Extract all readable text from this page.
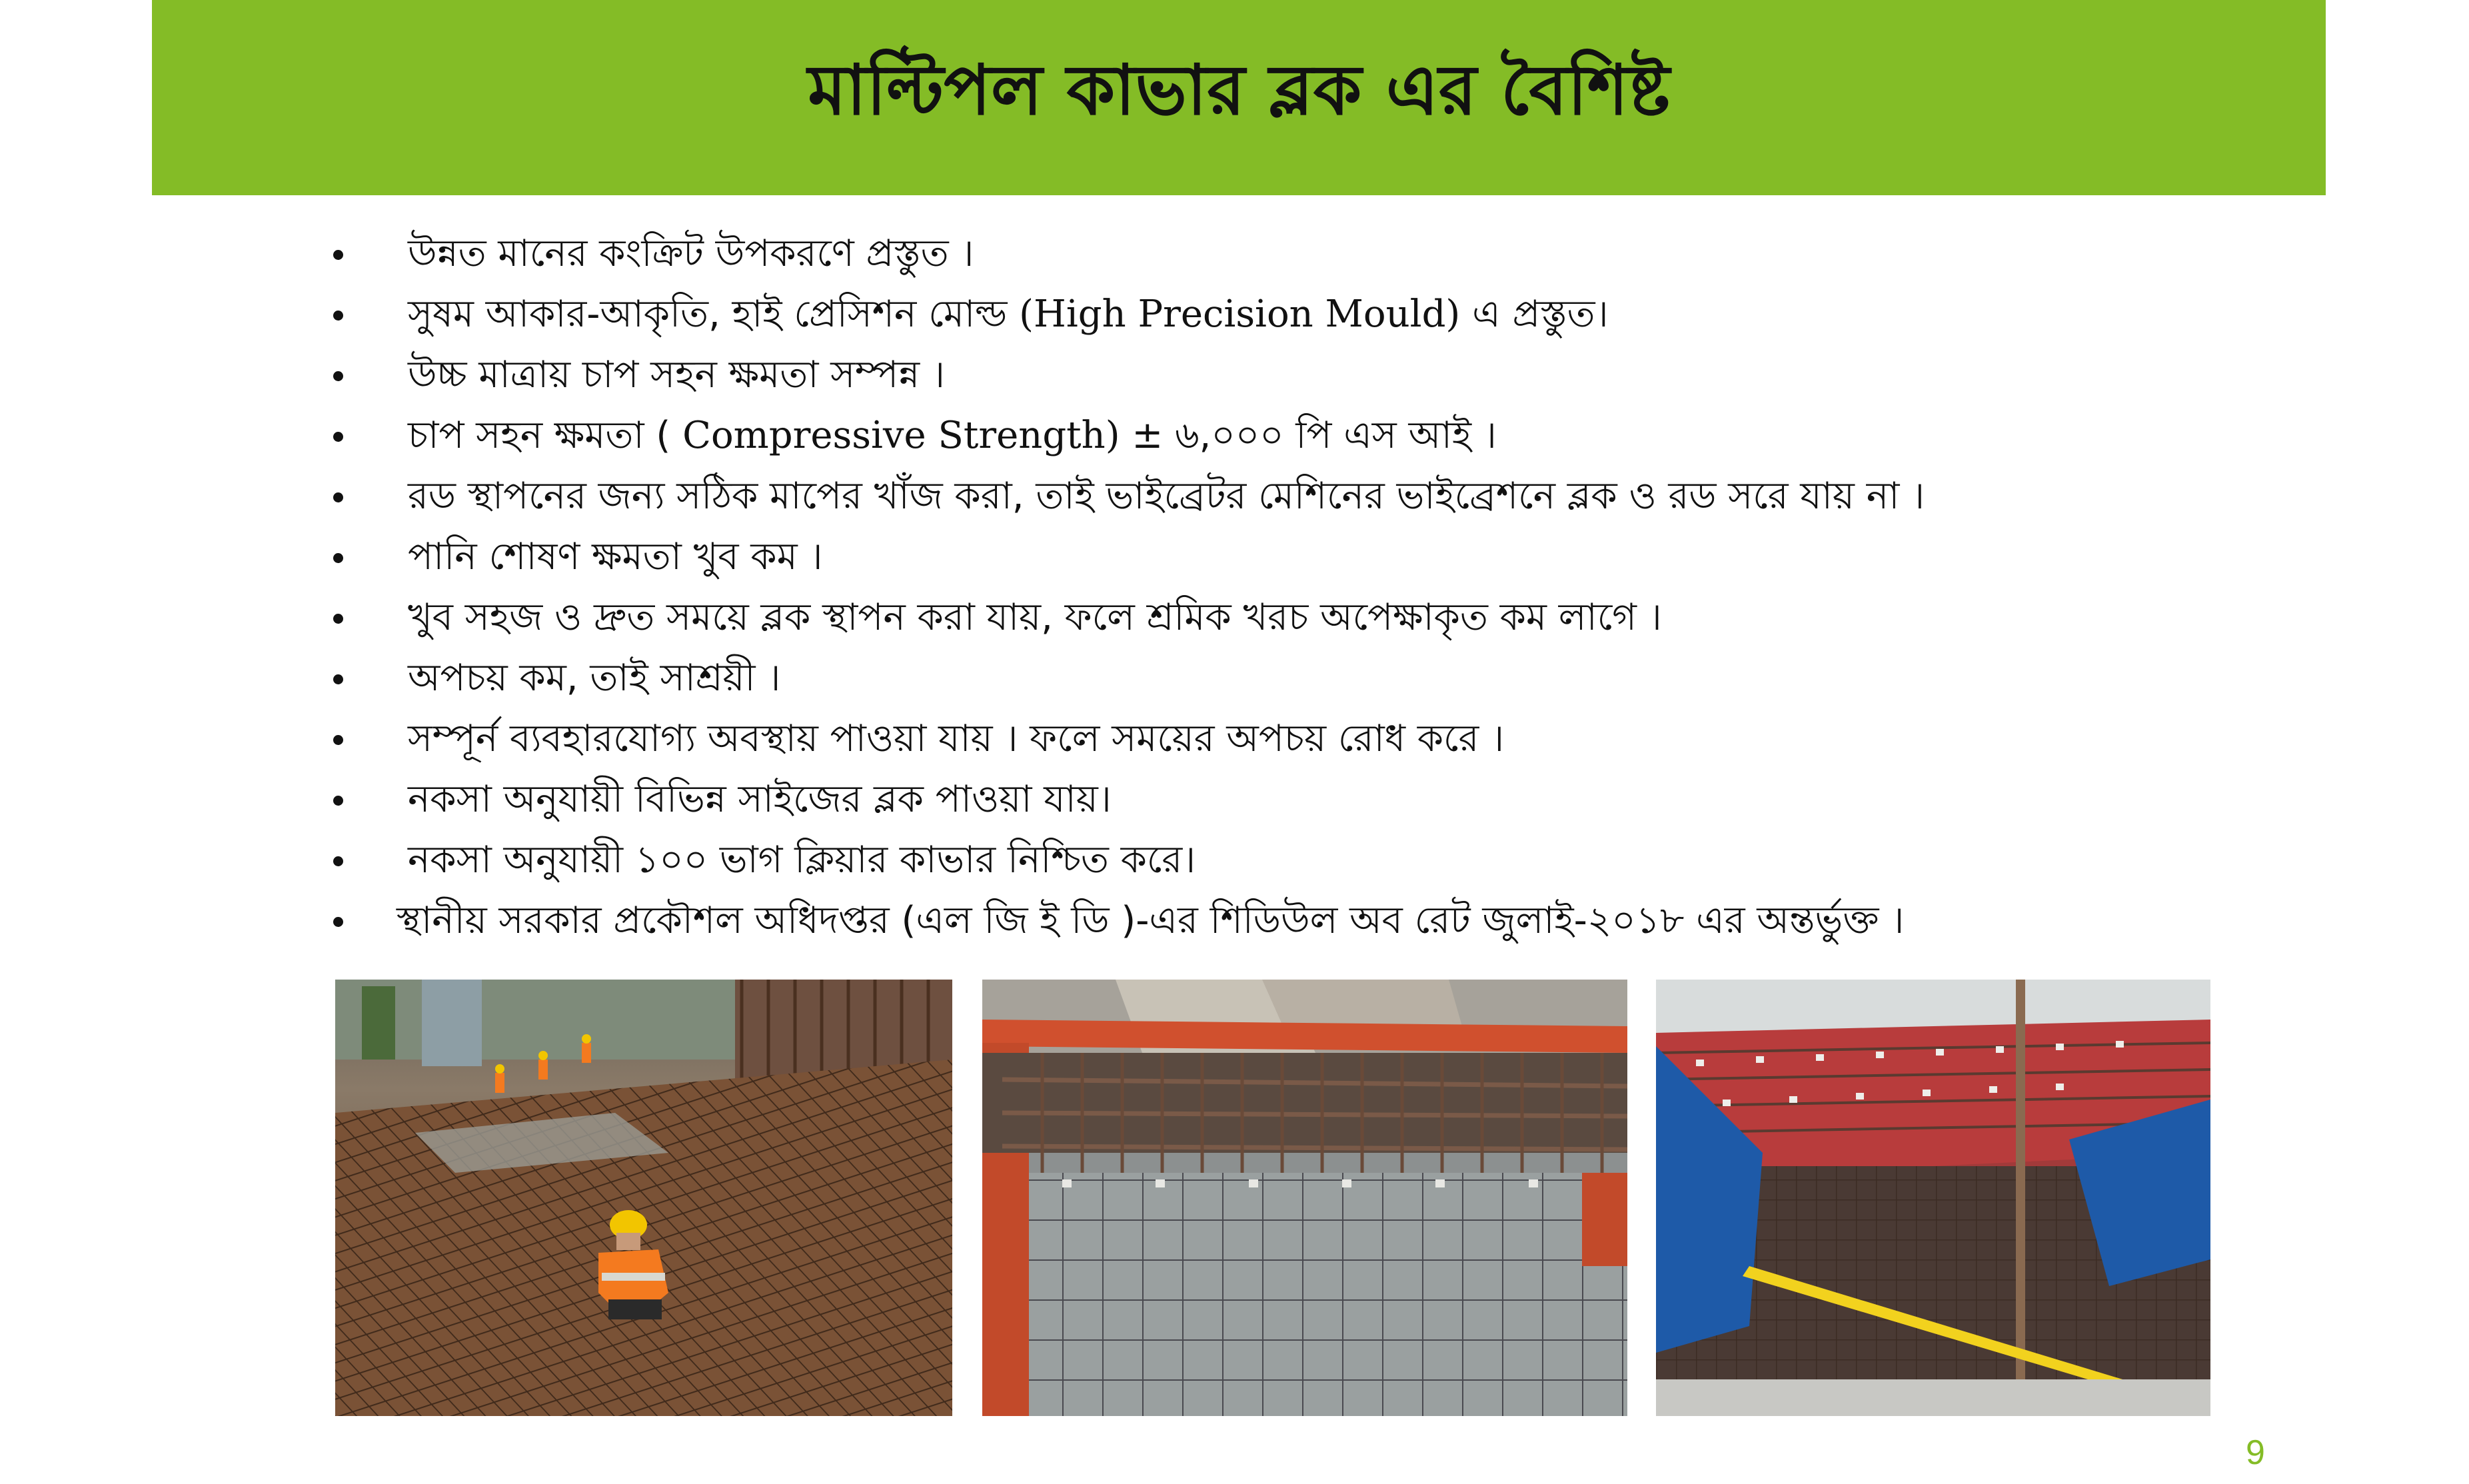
মাল্টিপল কাভার ব্লক এর বৈশিষ্ট
উন্নত মানের কংক্রিট উপকরণে প্রস্তুত ।
সুষম আকার-আকৃতি, হাই প্রেসিশন মোল্ড (High Precision Mould) এ প্রস্তুত।
উচ্চ মাত্রায় চাপ সহন ক্ষমতা সম্পন্ন ।
চাপ সহন ক্ষমতা ( Compressive Strength) ± ৬,০০০ পি এস আই ।
রড স্থাপনের জন্য সঠিক মাপের খাঁজ করা, তাই ভাইব্রেটর মেশিনের ভাইব্রেশনে ব্লক ও রড সরে যায় না ।
পানি শোষণ ক্ষমতা খুব কম ।
খুব সহজ ও দ্রুত সময়ে ব্লক স্থাপন করা যায়, ফলে শ্রমিক খরচ অপেক্ষাকৃত কম লাগে ।
অপচয় কম, তাই সাশ্রয়ী ।
সম্পূর্ন ব্যবহারযোগ্য অবস্থায় পাওয়া যায় । ফলে সময়ের অপচয় রোধ করে ।
নকসা অনুযায়ী বিভিন্ন সাইজের ব্লক পাওয়া যায়।
নকসা অনুযায়ী ১০০ ভাগ ক্লিয়ার কাভার নিশ্চিত করে।
স্থানীয় সরকার প্রকৌশল অধিদপ্তর (এল জি ই ডি )-এর শিডিউল অব রেট জুলাই-২০১৮ এর অন্তর্ভুক্ত ।
9
